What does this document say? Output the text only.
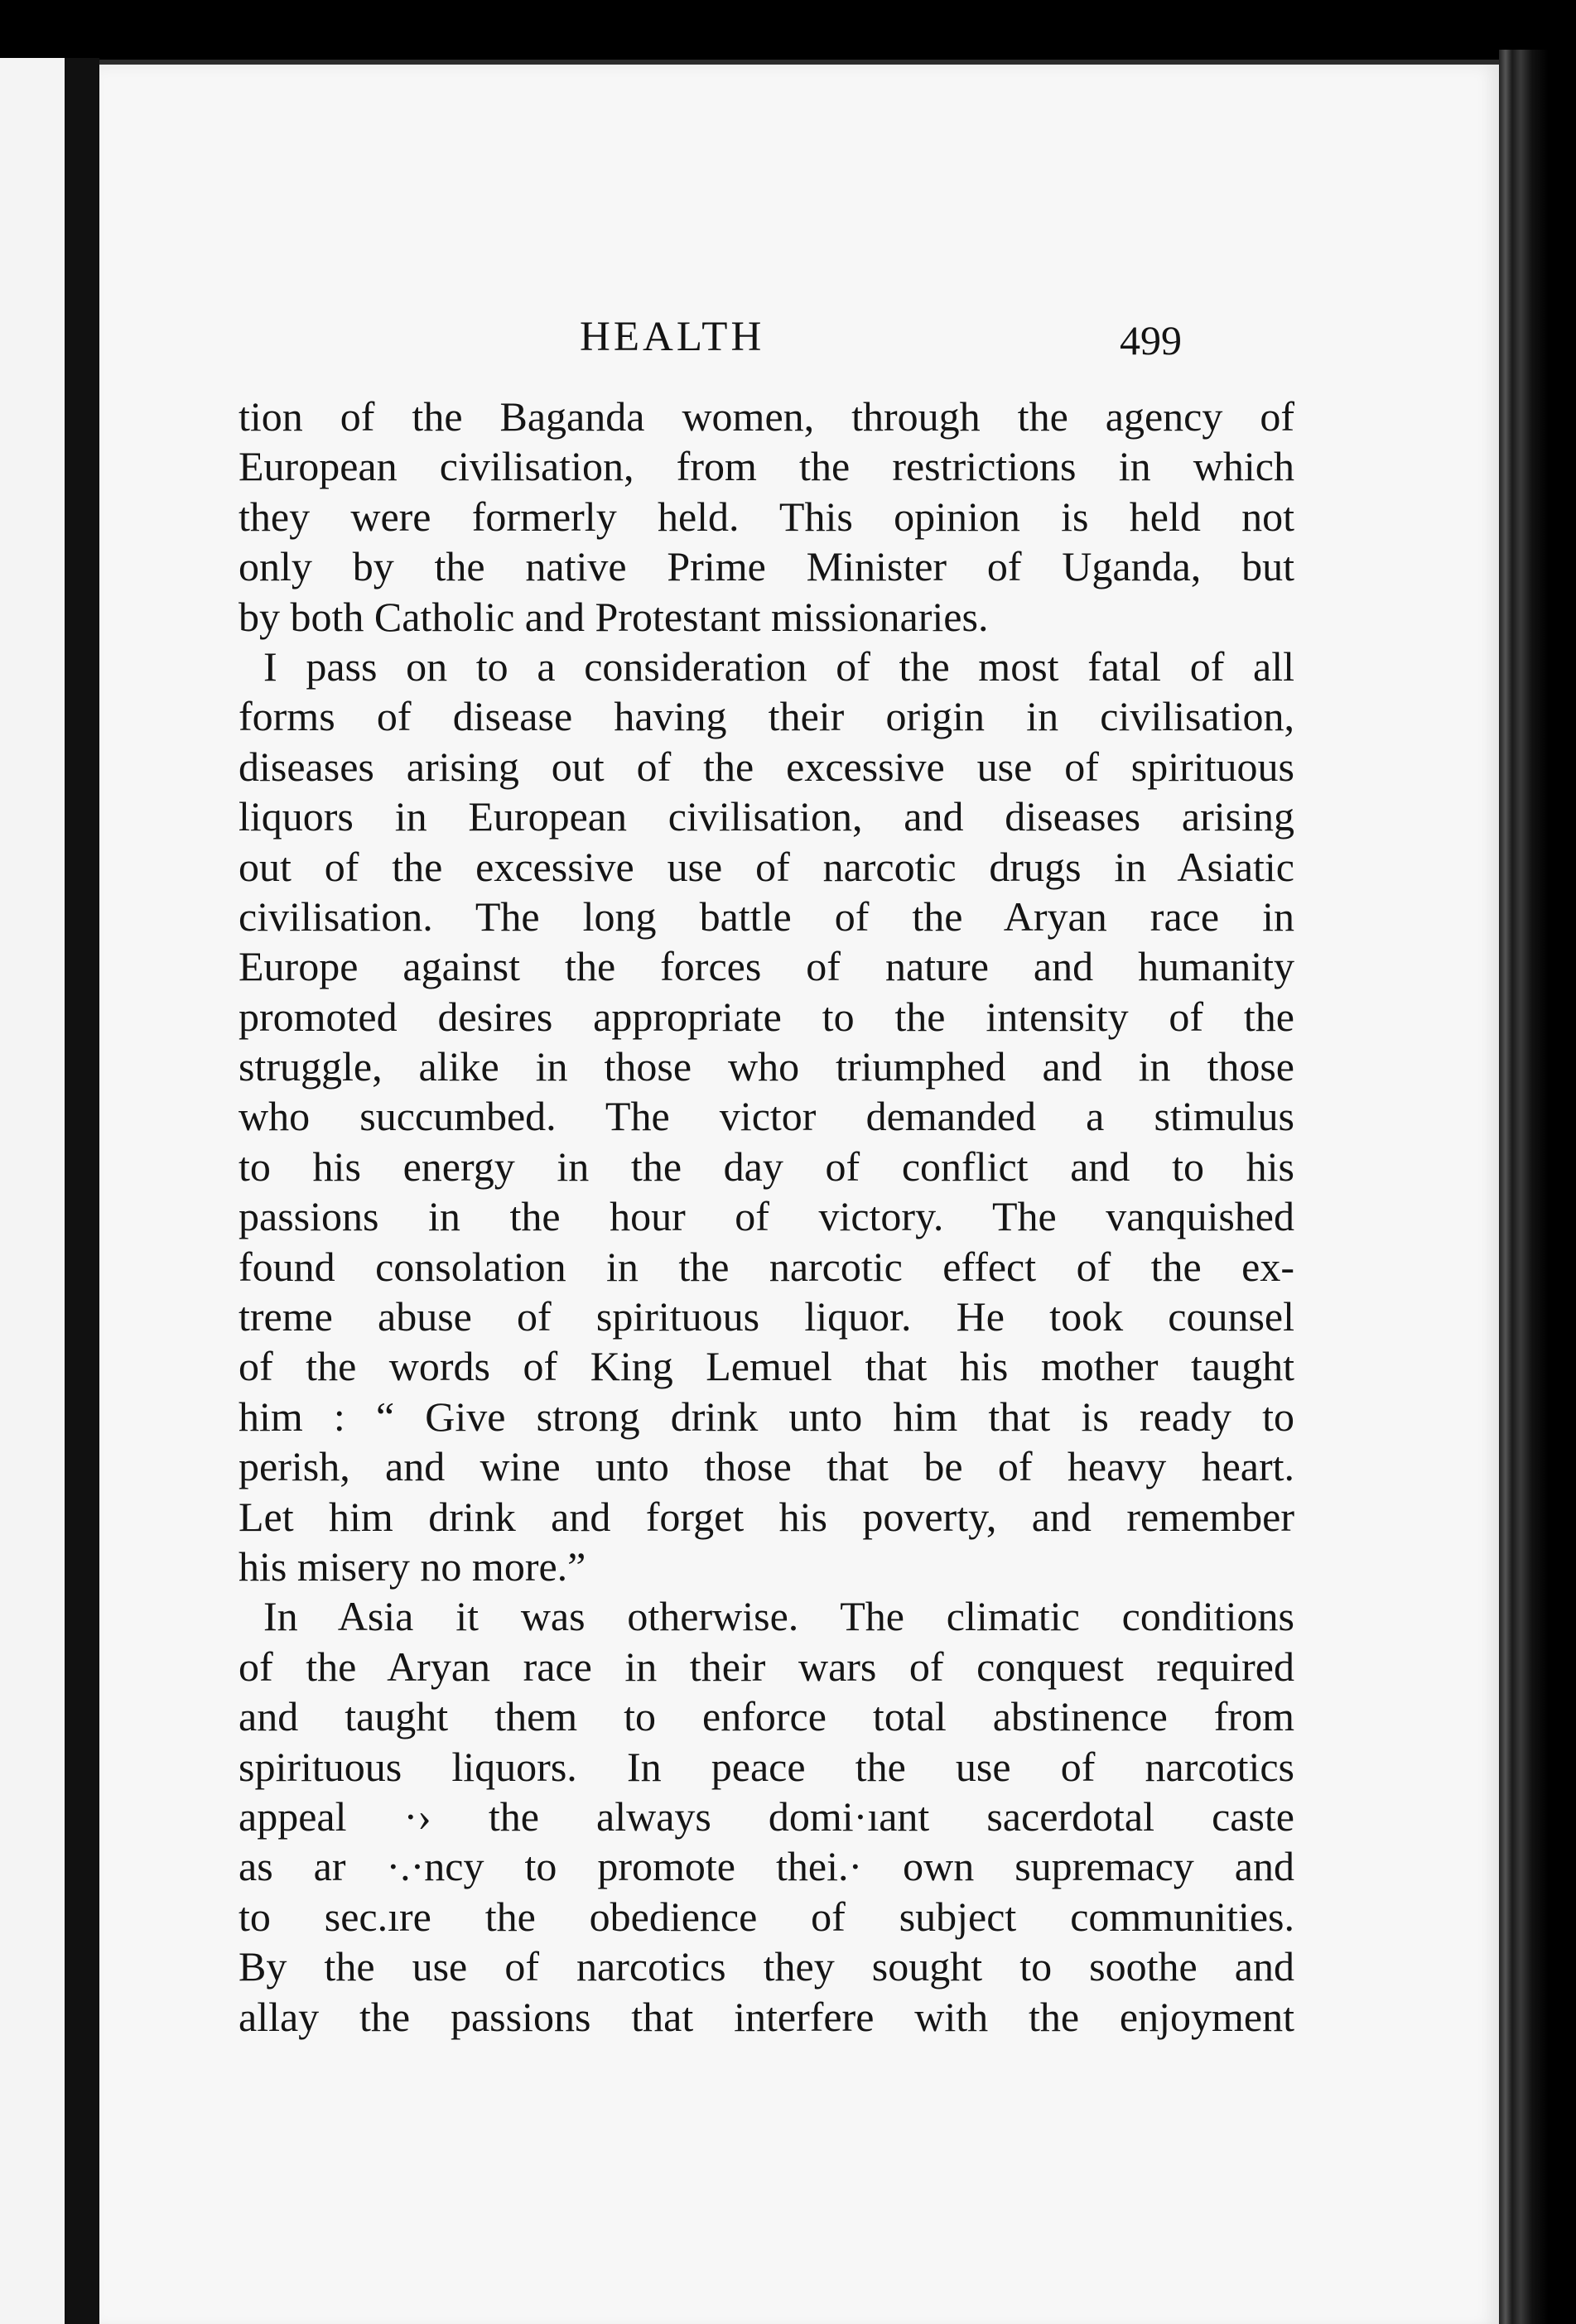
HEALTH	499
tion of the Baganda women, through the agency of
European civilisation, from the restrictions in which
they were formerly held. This opinion is held not
only by the native Prime Minister of Uganda, but
by both Catholic and Protestant missionaries.
I pass on to a consideration of the most fatal of all
forms of disease having their origin in civilisation,
diseases arising out of the excessive use of spirituous
liquors in European civilisation, and diseases arising
out of the excessive use of narcotic drugs in Asiatic
civilisation. The long battle of the Aryan race in
Europe against the forces of nature and humanity
promoted desires appropriate to the intensity of the
struggle, alike in those who triumphed and in those
who succumbed. The victor demanded a stimulus
to his energy in the day of conflict and to his
passions in the hour of victory. The vanquished
found consolation in the narcotic effect of the ex-
treme abuse of spirituous liquor. He took counsel
of the words of King Lemuel that his mother taught
him : “ Give strong drink unto him that is ready to
perish, and wine unto those that be of heavy heart.
Let him drink and forget his poverty, and remember
his misery no more.”
In Asia it was otherwise. The climatic conditions
of the Aryan race in their wars of conquest required
and taught them to enforce total abstinence from
spirituous liquors. In peace the use of narcotics
appeal ·› the always domi·ıant sacerdotal caste
as ar ·.·ncy to promote thei.· own supremacy and
to sec.ıre the obedience of subject communities.
By the use of narcotics they sought to soothe and
allay the passions that interfere with the enjoyment
